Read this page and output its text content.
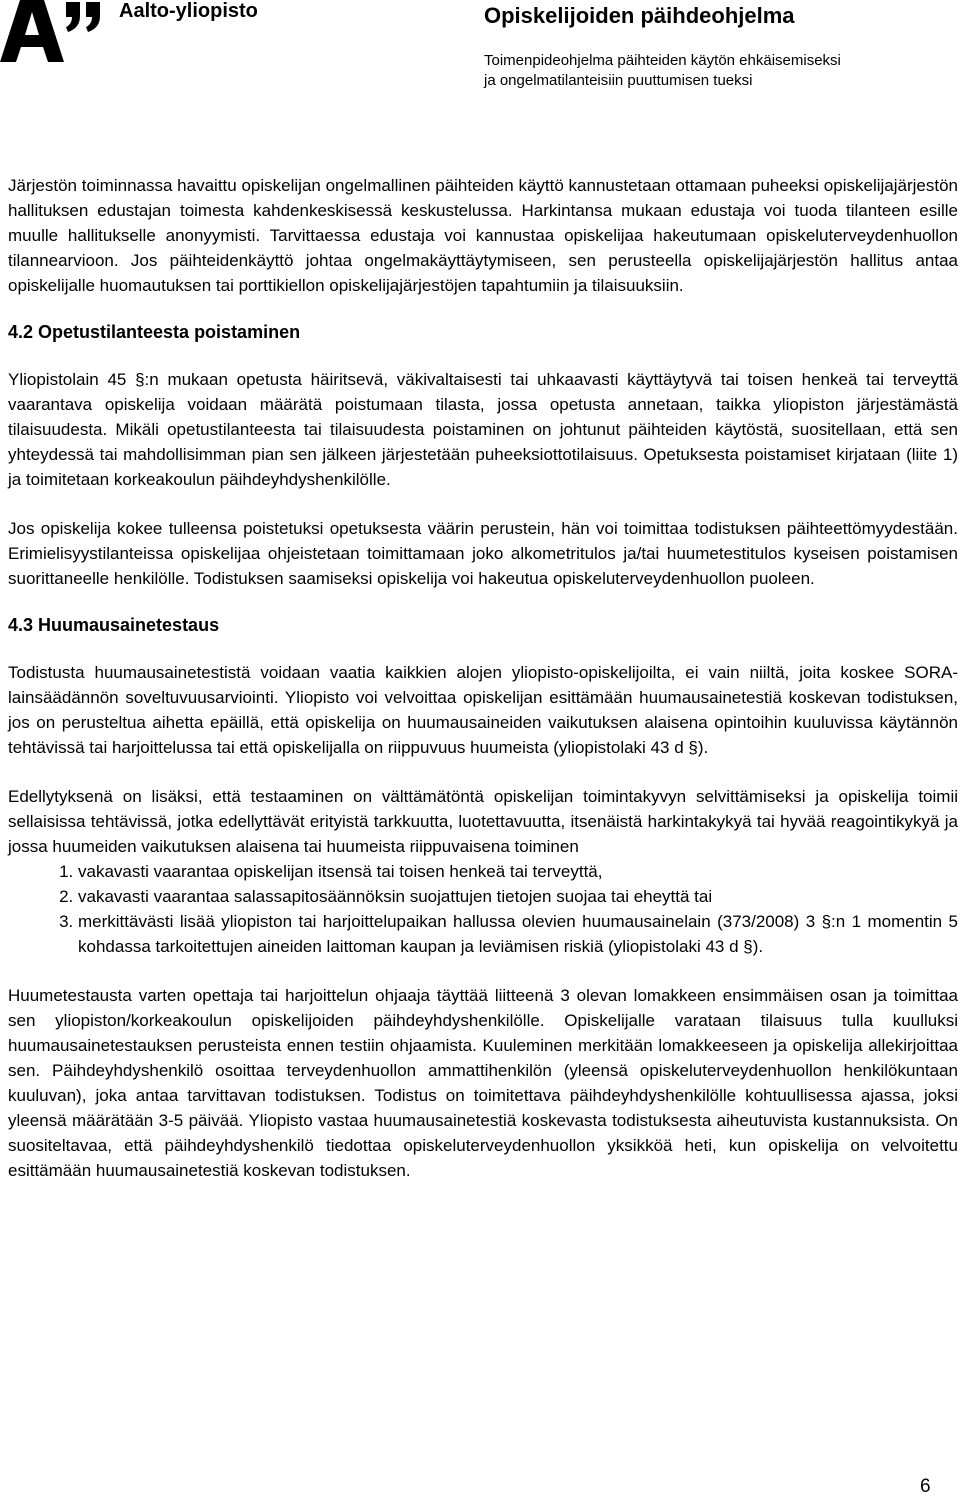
Aalto-yliopisto	Opiskelijoiden päihdeohjelma
Toimenpideohjelma päihteiden käytön ehkäisemiseksi
ja ongelmatilanteisiin puuttumisen tueksi

Järjestön toiminnassa havaittu opiskelijan ongelmallinen päihteiden käyttö kannustetaan ottamaan puheeksi opiskelijajärjestön hallituksen edustajan toimesta kahdenkeskisessä keskustelussa. Harkintansa mukaan edustaja voi tuoda tilanteen esille muulle hallitukselle anonyymisti. Tarvittaessa edustaja voi kannustaa opiskelijaa hakeutumaan opiskeluterveydenhuollon tilannearvioon. Jos päihteidenkäyttö johtaa ongelmakäyttäytymiseen, sen perusteella opiskelijajärjestön hallitus antaa opiskelijalle huomautuksen tai porttikiellon opiskelijajärjestöjen tapahtumiin ja tilaisuuksiin.

4.2 Opetustilanteesta poistaminen

Yliopistolain 45 §:n mukaan opetusta häiritsevä, väkivaltaisesti tai uhkaavasti käyttäytyvä tai toisen henkeä tai terveyttä vaarantava opiskelija voidaan määrätä poistumaan tilasta, jossa opetusta annetaan, taikka yliopiston järjestämästä tilaisuudesta. Mikäli opetustilanteesta tai tilaisuudesta poistaminen on johtunut päihteiden käytöstä, suositellaan, että sen yhteydessä tai mahdollisimman pian sen jälkeen järjestetään puheeksiottotilaisuus. Opetuksesta poistamiset kirjataan (liite 1) ja toimitetaan korkeakoulun päihdeyhdyshenkilölle.

Jos opiskelija kokee tulleensa poistetuksi opetuksesta väärin perustein, hän voi toimittaa todistuksen päihteettömyydestään. Erimielisyystilanteissa opiskelijaa ohjeistetaan toimittamaan joko alkometritulos ja/tai huumetestitulos kyseisen poistamisen suorittaneelle henkilölle. Todistuksen saamiseksi opiskelija voi hakeutua opiskeluterveydenhuollon puoleen.

4.3 Huumausainetestaus

Todistusta huumausainetestistä voidaan vaatia kaikkien alojen yliopisto-opiskelijoilta, ei vain niiltä, joita koskee SORA-lainsäädännön soveltuvuusarviointi. Yliopisto voi velvoittaa opiskelijan esittämään huumausainetestiä koskevan todistuksen, jos on perusteltua aihetta epäillä, että opiskelija on huumausaineiden vaikutuksen alaisena opintoihin kuuluvissa käytännön tehtävissä tai harjoittelussa tai että opiskelijalla on riippuvuus huumeista (yliopistolaki 43 d §).

Edellytyksenä on lisäksi, että testaaminen on välttämätöntä opiskelijan toimintakyvyn selvittämiseksi ja opiskelija toimii sellaisissa tehtävissä, jotka edellyttävät erityistä tarkkuutta, luotettavuutta, itsenäistä harkintakykyä tai hyvää reagointikykyä ja jossa huumeiden vaikutuksen alaisena tai huumeista riippuvaisena toiminen

1. vakavasti vaarantaa opiskelijan itsensä tai toisen henkeä tai terveyttä,
2. vakavasti vaarantaa salassapitosäännöksin suojattujen tietojen suojaa tai eheyttä tai
3. merkittävästi lisää yliopiston tai harjoittelupaikan hallussa olevien huumausainelain (373/2008) 3 §:n 1 momentin 5 kohdassa tarkoitettujen aineiden laittoman kaupan ja leviämisen riskiä (yliopistolaki 43 d §).

Huumetestausta varten opettaja tai harjoittelun ohjaaja täyttää liitteenä 3 olevan lomakkeen ensimmäisen osan ja toimittaa sen yliopiston/korkeakoulun opiskelijoiden päihdeyhdyshenkilölle. Opiskelijalle varataan tilaisuus tulla kuulluksi huumausainetestauksen perusteista ennen testiin ohjaamista. Kuuleminen merkitään lomakkeeseen ja opiskelija allekirjoittaa sen. Päihdeyhdyshenkilö osoittaa terveydenhuollon ammattihenkilön (yleensä opiskeluterveydenhuollon henkilökuntaan kuuluvan), joka antaa tarvittavan todistuksen. Todistus on toimitettava päihdeyhdyshenkilölle kohtuullisessa ajassa, joksi yleensä määrätään 3-5 päivää. Yliopisto vastaa huumausainetestiä koskevasta todistuksesta aiheutuvista kustannuksista. On suositeltavaa, että päihdeyhdyshenkilö tiedottaa opiskeluterveydenhuollon yksikköä heti, kun opiskelija on velvoitettu esittämään huumausainetestiä koskevan todistuksen.

6
